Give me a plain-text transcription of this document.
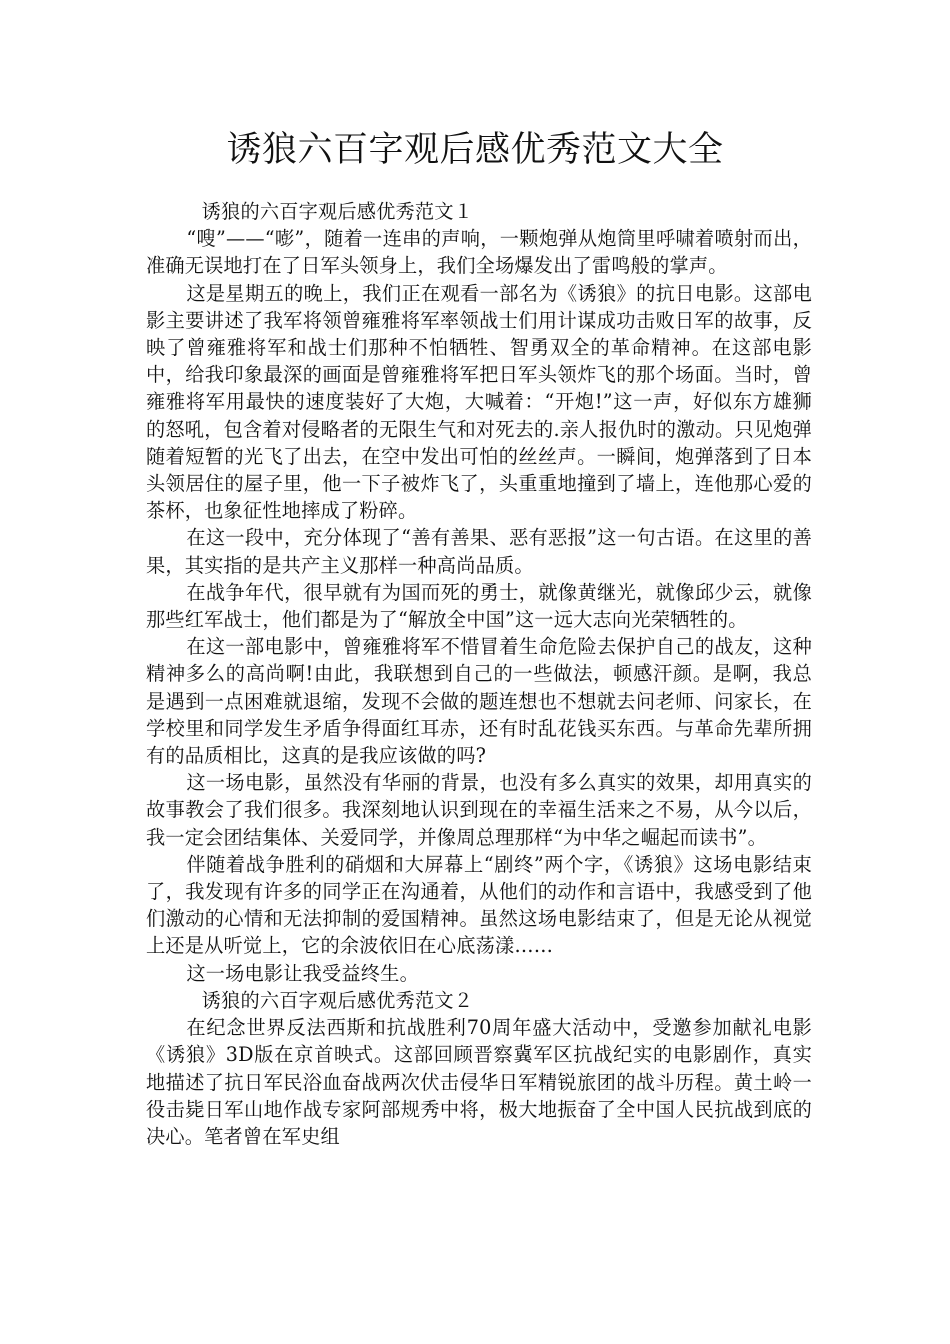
诱狼六百字观后感优秀范文大全

诱狼的六百字观后感优秀范文１

“嗖”——“嘭”，随着一连串的声响，一颗炮弹从炮筒里呼啸着喷射而出，准确无误地打在了日军头领身上，我们全场爆发出了雷鸣般的掌声。

这是星期五的晚上，我们正在观看一部名为《诱狼》的抗日电影。这部电影主要讲述了我军将领曾雍雅将军率领战士们用计谋成功击败日军的故事，反映了曾雍雅将军和战士们那种不怕牺牲、智勇双全的革命精神。在这部电影中，给我印象最深的画面是曾雍雅将军把日军头领炸飞的那个场面。当时，曾雍雅将军用最快的速度装好了大炮，大喊着：“开炮!”这一声，好似东方雄狮的怒吼，包含着对侵略者的无限生气和对死去的.亲人报仇时的激动。只见炮弹随着短暂的光飞了出去，在空中发出可怕的丝丝声。一瞬间，炮弹落到了日本头领居住的屋子里，他一下子被炸飞了，头重重地撞到了墙上，连他那心爱的茶杯，也象征性地摔成了粉碎。

在这一段中，充分体现了“善有善果、恶有恶报”这一句古语。在这里的善果，其实指的是共产主义那样一种高尚品质。

在战争年代，很早就有为国而死的勇士，就像黄继光，就像邱少云，就像那些红军战士，他们都是为了“解放全中国”这一远大志向光荣牺牲的。

在这一部电影中，曾雍雅将军不惜冒着生命危险去保护自己的战友，这种精神多么的高尚啊!由此，我联想到自己的一些做法，顿感汗颜。是啊，我总是遇到一点困难就退缩，发现不会做的题连想也不想就去问老师、问家长，在学校里和同学发生矛盾争得面红耳赤，还有时乱花钱买东西。与革命先辈所拥有的品质相比，这真的是我应该做的吗?

这一场电影，虽然没有华丽的背景，也没有多么真实的效果，却用真实的故事教会了我们很多。我深刻地认识到现在的幸福生活来之不易，从今以后，我一定会团结集体、关爱同学，并像周总理那样“为中华之崛起而读书”。

伴随着战争胜利的硝烟和大屏幕上“剧终”两个字，《诱狼》这场电影结束了，我发现有许多的同学正在沟通着，从他们的动作和言语中，我感受到了他们激动的心情和无法抑制的爱国精神。虽然这场电影结束了，但是无论从视觉上还是从听觉上，它的余波依旧在心底荡漾……

这一场电影让我受益终生。

诱狼的六百字观后感优秀范文２

在纪念世界反法西斯和抗战胜利70周年盛大活动中，受邀参加献礼电影《诱狼》3D版在京首映式。这部回顾晋察冀军区抗战纪实的电影剧作，真实地描述了抗日军民浴血奋战两次伏击侵华日军精锐旅团的战斗历程。黄土岭一役击毙日军山地作战专家阿部规秀中将，极大地振奋了全中国人民抗战到底的决心。笔者曾在军史组
